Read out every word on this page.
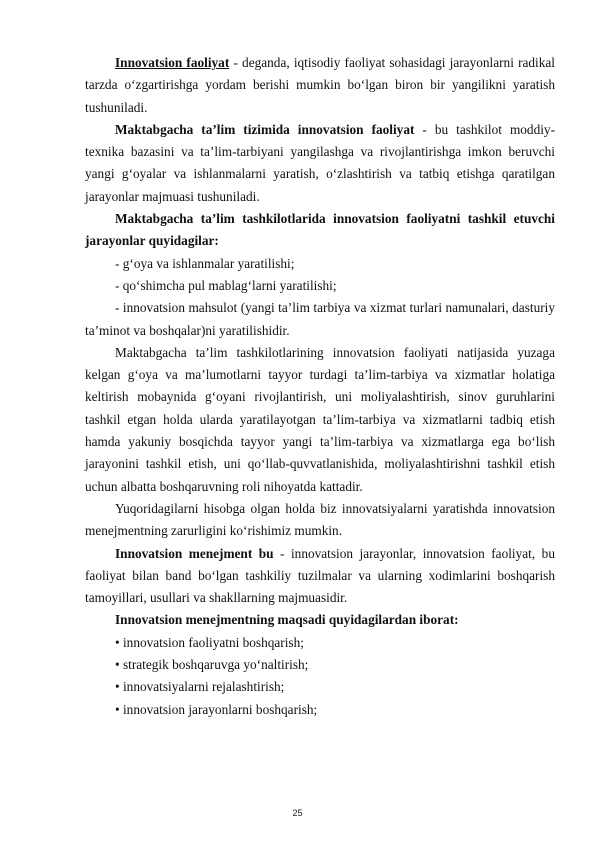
Innovatsion faoliyat - deganda, iqtisodiy faoliyat sohasidagi jarayonlarni radikal tarzda o‘zgartirishga yordam berishi mumkin bo‘lgan biron bir yangilikni yaratish tushuniladi.

Maktabgacha ta’lim tizimida innovatsion faoliyat - bu tashkilot moddiy-texnika bazasini va ta’lim-tarbiyani yangilashga va rivojlantirishga imkon beruvchi yangi g‘oyalar va ishlanmalarni yaratish, o‘zlashtirish va tatbiq etishga qaratilgan jarayonlar majmuasi tushuniladi.

Maktabgacha ta’lim tashkilotlarida innovatsion faoliyatni tashkil etuvchi jarayonlar quyidagilar:

- g‘oya va ishlanmalar yaratilishi;

- qo‘shimcha pul mablag‘larni yaratilishi;

- innovatsion mahsulot (yangi ta’lim tarbiya va xizmat turlari namunalari, dasturiy ta’minot va boshqalar)ni yaratilishidir.

Maktabgacha ta’lim tashkilotlarining innovatsion faoliyati natijasida yuzaga kelgan g‘oya va ma’lumotlarni tayyor turdagi ta’lim-tarbiya va xizmatlar holatiga keltirish mobaynida g‘oyani rivojlantirish, uni moliyalashtirish, sinov guruhlarini tashkil etgan holda ularda yaratilayotgan ta’lim-tarbiya va xizmatlarni tadbiq etish hamda yakuniy bosqichda tayyor yangi ta’lim-tarbiya va xizmatlarga ega bo‘lish jarayonini tashkil etish, uni qo‘llab-quvvatlanishida, moliyalashtirishni tashkil etish uchun albatta boshqaruvning roli nihoyatda kattadir.

Yuqoridagilarni hisobga olgan holda biz innovatsiyalarni yaratishda innovatsion menejmentning zarurligini ko‘rishimiz mumkin.

Innovatsion menejment bu - innovatsion jarayonlar, innovatsion faoliyat, bu faoliyat bilan band bo‘lgan tashkiliy tuzilmalar va ularning xodimlarini boshqarish tamoyillari, usullari va shakllarning majmuasidir.

Innovatsion menejmentning maqsadi quyidagilardan iborat:

• innovatsion faoliyatni boshqarish;

• strategik boshqaruvga yo‘naltirish;

• innovatsiyalarni rejalashtirish;

• innovatsion jarayonlarni boshqarish;

25
